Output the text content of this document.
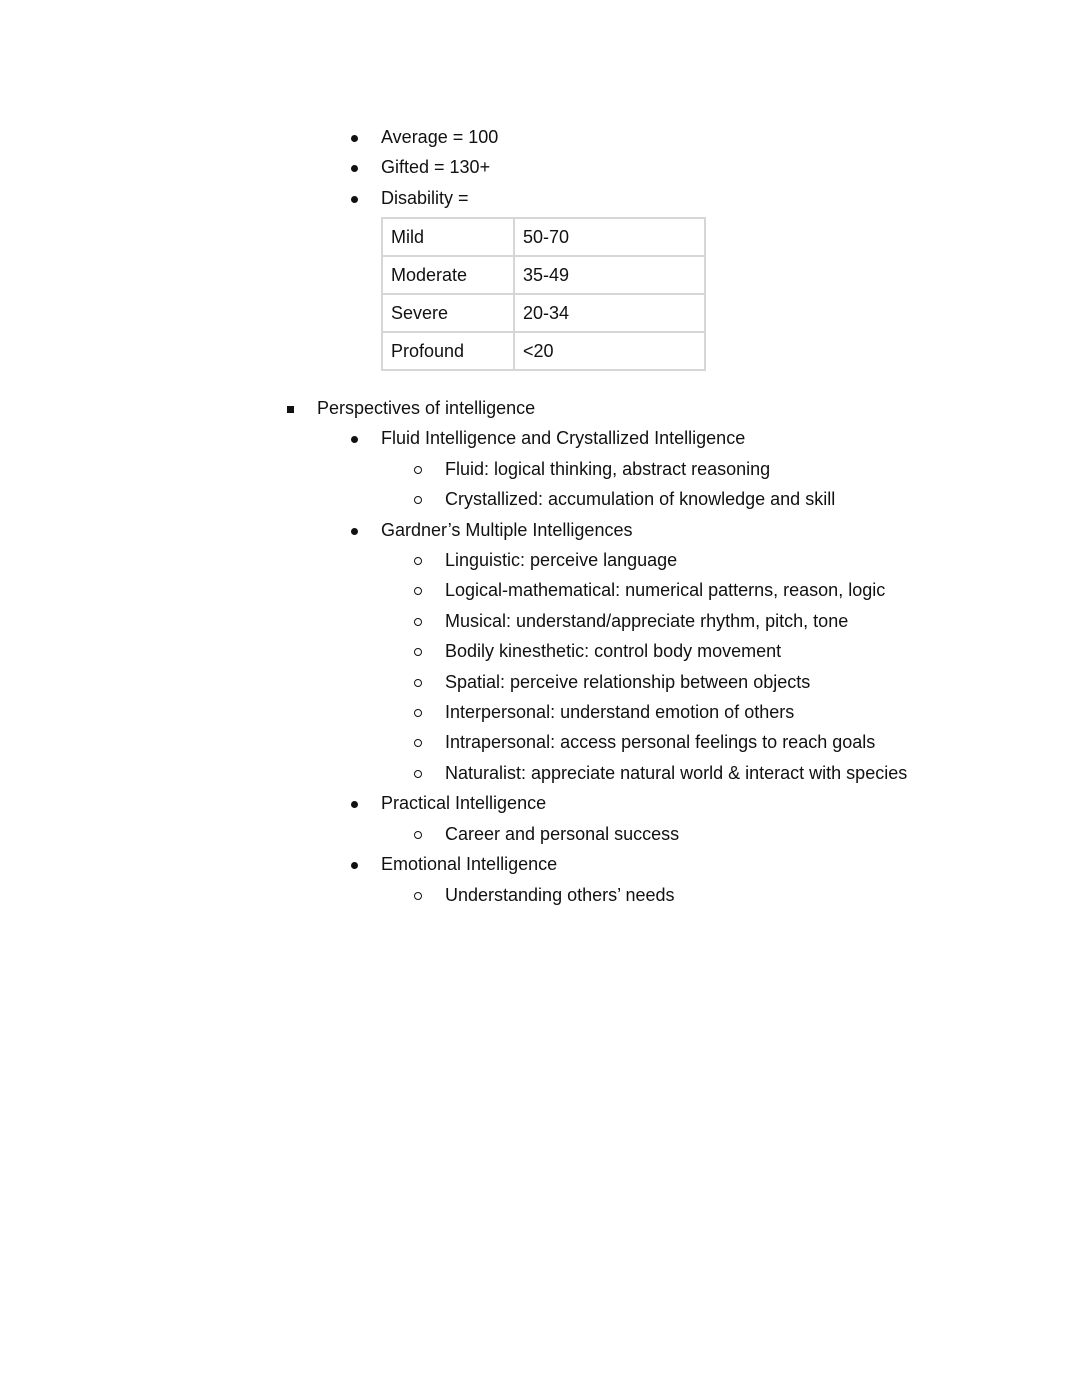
Average = 100
Gifted = 130+
Disability =
Mild	50-70
Moderate	35-49
Severe	20-34
Profound	<20
Perspectives of intelligence
Fluid Intelligence and Crystallized Intelligence
Fluid: logical thinking, abstract reasoning
Crystallized: accumulation of knowledge and skill
Gardner’s Multiple Intelligences
Linguistic: perceive language
Logical-mathematical: numerical patterns, reason, logic
Musical: understand/appreciate rhythm, pitch, tone
Bodily kinesthetic: control body movement
Spatial: perceive relationship between objects
Interpersonal: understand emotion of others
Intrapersonal: access personal feelings to reach goals
Naturalist: appreciate natural world & interact with species
Practical Intelligence
Career and personal success
Emotional Intelligence
Understanding others’ needs
